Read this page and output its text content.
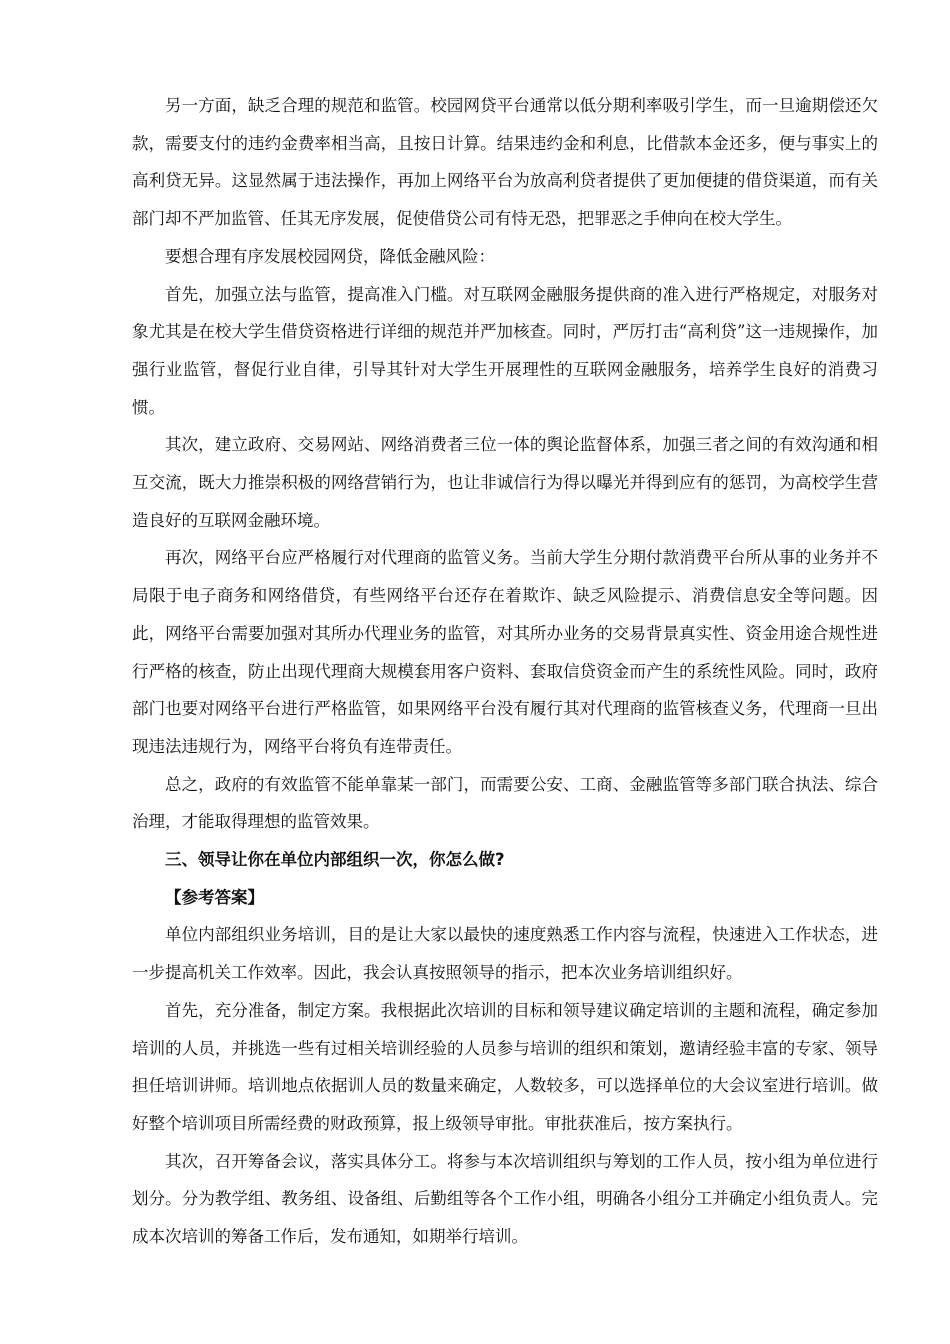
另一方面，缺乏合理的规范和监管。校园网贷平台通常以低分期利率吸引学生，而一旦逾期偿还欠款，需要支付的违约金费率相当高，且按日计算。结果违约金和利息，比借款本金还多，便与事实上的高利贷无异。这显然属于违法操作，再加上网络平台为放高利贷者提供了更加便捷的借贷渠道，而有关部门却不严加监管、任其无序发展，促使借贷公司有恃无恐，把罪恶之手伸向在校大学生。

要想合理有序发展校园网贷，降低金融风险：

首先，加强立法与监管，提高准入门槛。对互联网金融服务提供商的准入进行严格规定，对服务对象尤其是在校大学生借贷资格进行详细的规范并严加核查。同时，严厉打击“高利贷”这一违规操作，加强行业监管，督促行业自律，引导其针对大学生开展理性的互联网金融服务，培养学生良好的消费习惯。

其次，建立政府、交易网站、网络消费者三位一体的舆论监督体系，加强三者之间的有效沟通和相互交流，既大力推崇积极的网络营销行为，也让非诚信行为得以曝光并得到应有的惩罚，为高校学生营造良好的互联网金融环境。

再次，网络平台应严格履行对代理商的监管义务。当前大学生分期付款消费平台所从事的业务并不局限于电子商务和网络借贷，有些网络平台还存在着欺诈、缺乏风险提示、消费信息安全等问题。因此，网络平台需要加强对其所办代理业务的监管，对其所办业务的交易背景真实性、资金用途合规性进行严格的核查，防止出现代理商大规模套用客户资料、套取信贷资金而产生的系统性风险。同时，政府部门也要对网络平台进行严格监管，如果网络平台没有履行其对代理商的监管核查义务，代理商一旦出现违法违规行为，网络平台将负有连带责任。

总之，政府的有效监管不能单靠某一部门，而需要公安、工商、金融监管等多部门联合执法、综合治理，才能取得理想的监管效果。

三、领导让你在单位内部组织一次，你怎么做?

【参考答案】

单位内部组织业务培训，目的是让大家以最快的速度熟悉工作内容与流程，快速进入工作状态，进一步提高机关工作效率。因此，我会认真按照领导的指示，把本次业务培训组织好。

首先，充分准备，制定方案。我根据此次培训的目标和领导建议确定培训的主题和流程，确定参加培训的人员，并挑选一些有过相关培训经验的人员参与培训的组织和策划，邀请经验丰富的专家、领导担任培训讲师。培训地点依据训人员的数量来确定，人数较多，可以选择单位的大会议室进行培训。做好整个培训项目所需经费的财政预算，报上级领导审批。审批获准后，按方案执行。

其次，召开筹备会议，落实具体分工。将参与本次培训组织与筹划的工作人员，按小组为单位进行划分。分为教学组、教务组、设备组、后勤组等各个工作小组，明确各小组分工并确定小组负责人。完成本次培训的筹备工作后，发布通知，如期举行培训。
